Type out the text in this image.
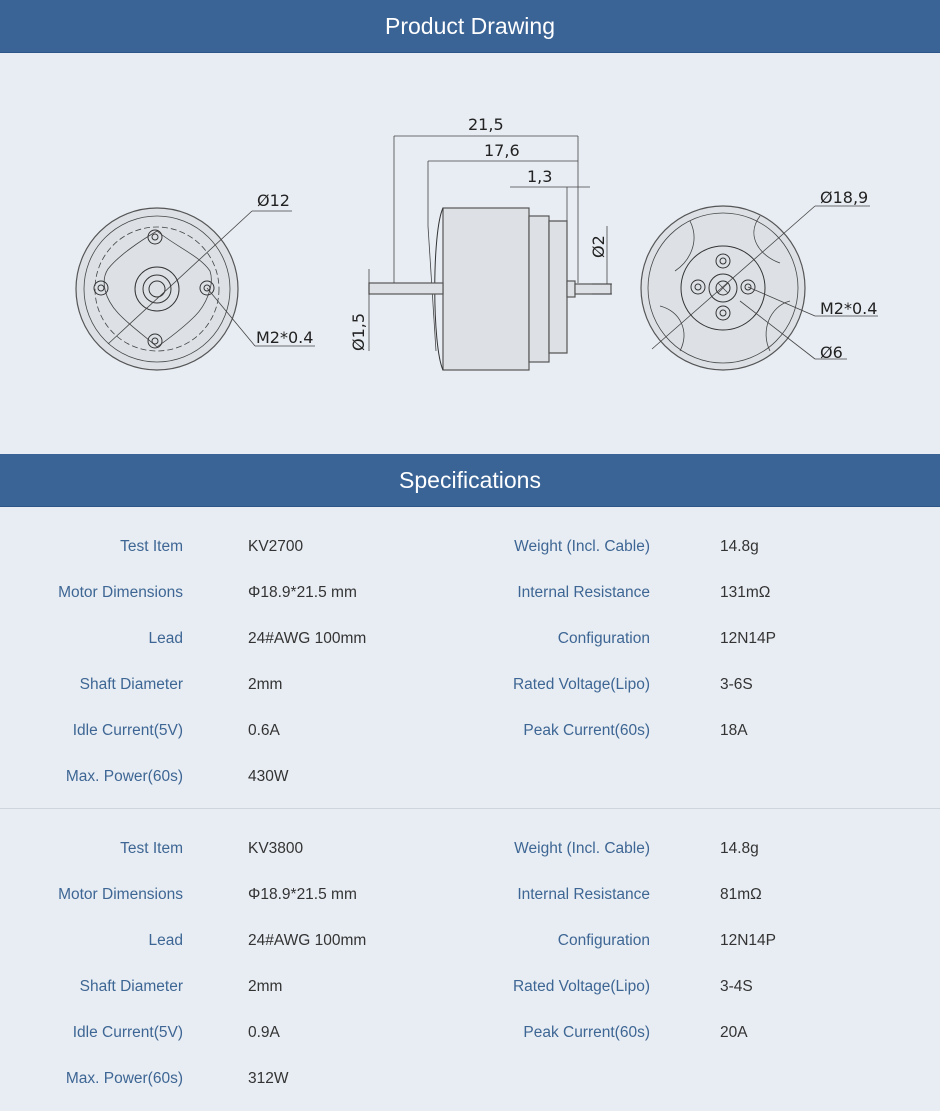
Product Drawing
Ø12
M2*0.4
21,5
17,6
1,3
Ø2
Ø1,5
Ø18,9
M2*0.4
Ø6
Specifications
Test Item	KV2700	Weight (Incl. Cable)	14.8g
Motor Dimensions	Φ18.9*21.5 mm	Internal Resistance	131mΩ
Lead	24#AWG 100mm	Configuration	12N14P
Shaft Diameter	2mm	Rated Voltage(Lipo)	3-6S
Idle Current(5V)	0.6A	Peak Current(60s)	18A
Max. Power(60s)	430W
Test Item	KV3800	Weight (Incl. Cable)	14.8g
Motor Dimensions	Φ18.9*21.5 mm	Internal Resistance	81mΩ
Lead	24#AWG 100mm	Configuration	12N14P
Shaft Diameter	2mm	Rated Voltage(Lipo)	3-4S
Idle Current(5V)	0.9A	Peak Current(60s)	20A
Max. Power(60s)	312W
